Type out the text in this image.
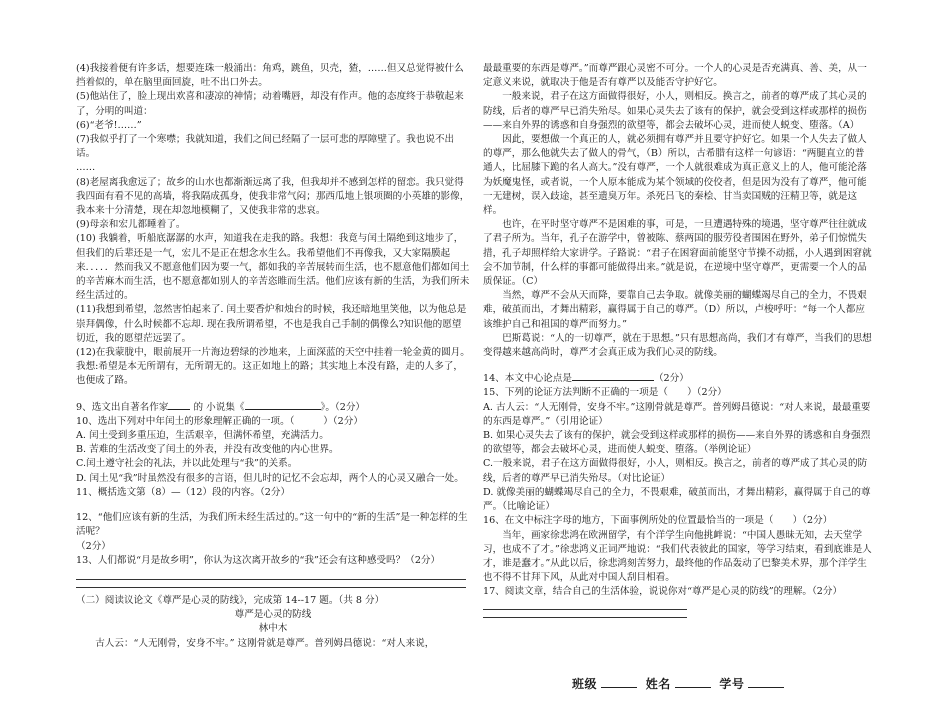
(4)我接着便有许多话，想要连珠一般涌出：角鸡，跳鱼，贝壳，猹，……但又总觉得被什么挡着似的，单在脑里面回旋，吐不出口外去。

(5)他站住了，脸上现出欢喜和凄凉的神情；动着嘴唇，却没有作声。他的态度终于恭敬起来了，分明的叫道：

(6)“老爷!……”

(7)我似乎打了一个寒噤；我就知道，我们之间已经隔了一层可悲的厚障壁了。我也说不出话。

……

(8)老屋离我愈远了；故乡的山水也都渐渐远离了我，但我却并不感到怎样的留恋。我只觉得我四面有看不见的高墙，将我隔成孤身，使我非常气闷；那西瓜地上银项圈的小英雄的影像，我本来十分清楚，现在却忽地模糊了，又使我非常的悲哀。

(9)母亲和宏儿都睡着了。

(10) 我躺着，听船底潺潺的水声，知道我在走我的路。我想：我竟与闰土隔绝到这地步了，但我们的后辈还是一气，宏儿不是正在想念水生么。我希望他们不再像我，又大家隔膜起来．．．．．然而我又不愿意他们因为要一气，都如我的辛苦展转而生活，也不愿意他们都如闰土的辛苦麻木而生活，也不愿意都如别人的辛苦恣睢而生活。他们应该有新的生活，为我们所未经生活过的。

(11)我想到希望，忽然害怕起来了. 闰土要香炉和烛台的时候，我还暗地里笑他，以为他总是崇拜偶像，什么时候都不忘却. 现在我所谓希望，不也是我自己手制的偶像么?知识他的愿望切近，我的愿望茫远罢了。

(12)在我蒙胧中，眼前展开一片海边碧绿的沙地来，上面深蓝的天空中挂着一轮金黄的圆月。我想:希望是本无所谓有，无所谓无的。这正如地上的路；其实地上本没有路，走的人多了，也便成了路。

9、选文出自著名作家	的 小说集《	》。（2分）

10、选出下列对中年闰土的形象理解正确的一项。（　　　）（2分）

A. 闰土受到多重压迫，生活艰辛，但满怀希望，充满活力。

B. 苦难的生活改变了闰土的外表，并没有改变他的内心世界。

C.闰土遵守社会的礼法，并以此处理与“我”的关系。

D. 闰土见“我”时虽然没有很多的言语，但儿时的记忆不会忘却，两个人的心灵又融合一处。

11、概括选文第（8）—（12）段的内容。（2分）

12、“他们应该有新的生活，为我们所未经生活过的。”这一句中的“新的生活”是一种怎样的生活呢？

（2分）

13、人们都说“月是故乡明”，你认为这次离开故乡的“我”还会有这种感受吗？（2分）

（二）阅读议论文《尊严是心灵的防线》，完成第 14--17 题。（共 8 分）

尊严是心灵的防线

林中木

古人云：“人无刚骨，安身不牢。” 这刚骨就是尊严。普列姆昌德说：“对人来说，

最最重要的东西是尊严。”而尊严跟心灵密不可分。一个人的心灵是否充满真、善、美，从一定意义来说，就取决于他是否有尊严以及能否守护好它。

一般来说，君子在这方面做得很好，小人，则相反。换言之，前者的尊严成了其心灵的防线，后者的尊严早已消失殆尽。如果心灵失去了该有的保护，就会受到这样或那样的损伤——来自外界的诱惑和自身强烈的欲望等，都会去破坏心灵，进而使人蜕变、堕落。（A）

因此，要想做一个真正的人，就必须拥有尊严并且要守护好它。如果一个人失去了做人的尊严，那么他就失去了做人的骨气，（B）所以，古希腊有这样一句谚语：“两腿直立的普通人，比屈膝下跪的名人高大。”没有尊严，一个人就很难成为真正意义上的人，他可能沦落为妖魔鬼怪，或者说，一个人原本能成为某个领域的佼佼者，但是因为没有了尊严，他可能一无建树，误入歧途，甚至遗臭万年。杀死吕飞的秦桧、甘当卖国贼的汪精卫等，就是这样。

也许，在平时坚守尊严不是困难的事，可是，一旦遭遇特殊的境遇，坚守尊严往往就成了君子所为。当年，孔子在游学中，曾被陈、蔡两国的服劳役者围困在野外，弟子们惊慌失措，孔子却照样给大家讲学。子路说：“君子在困窘面前能坚守节操不动摇，小人遇到困窘就会不加节制，什么样的事都可能做得出来。”就是说，在逆境中坚守尊严，更需要一个人的品质保证。（C）

当然，尊严不会从天而降，要靠自己去争取。就像美丽的蝴蝶竭尽自己的全力，不畏艰难，破茧而出，才舞出精彩，赢得属于自己的尊严。（D）所以，卢梭呼吁：“每一个人都应该维护自己和祖国的尊严而努力。”

巴斯葛说：“人的一切尊严，就在于思想。”只有思想高尚，我们才有尊严，当我们的思想变得越来越高尚时，尊严才会真正成为我们心灵的防线。

14、本文中心论点是	（2分）

15、下列的论证方法判断不正确的一项是（　　）（2分）

A. 古人云：“人无刚骨，安身不牢。”这刚骨就是尊严。普列姆昌德说：“对人来说，最最重要的东西是尊严。”（引用论证）

B. 如果心灵失去了该有的保护，就会受到这样或那样的损伤——来自外界的诱惑和自身强烈的欲望等，都会去破坏心灵，进而使人蜕变、堕落。（举例论证）

C.一般来说，君子在这方面做得很好，小人，则相反。换言之，前者的尊严成了其心灵的防线，后者的尊严早已消失殆尽。（对比论证）

D. 就像美丽的蝴蝶竭尽自己的全力，不畏艰难，破茧而出，才舞出精彩，赢得属于自己的尊严。（比喻论证）

16、在文中标注字母的地方，下面事例所处的位置最恰当的一项是（　　）（2分）

当年，画家徐悲鸿在欧洲留学，有个洋学生向他挑衅说：“中国人愚昧无知，去天堂学习，也成不了才。”徐悲鸿义正词严地说：“我们代表彼此的国家，等学习结束，看到底谁是人才，谁是蠢才。”从此以后，徐悲鸿刻苦努力，最终他的作品轰动了巴黎美术界，那个洋学生也不得不甘拜下风，从此对中国人刮目相看。

17、阅读文章，结合自己的生活体验，说说你对“尊严是心灵的防线”的理解。（2分）

班级	姓名	学号
